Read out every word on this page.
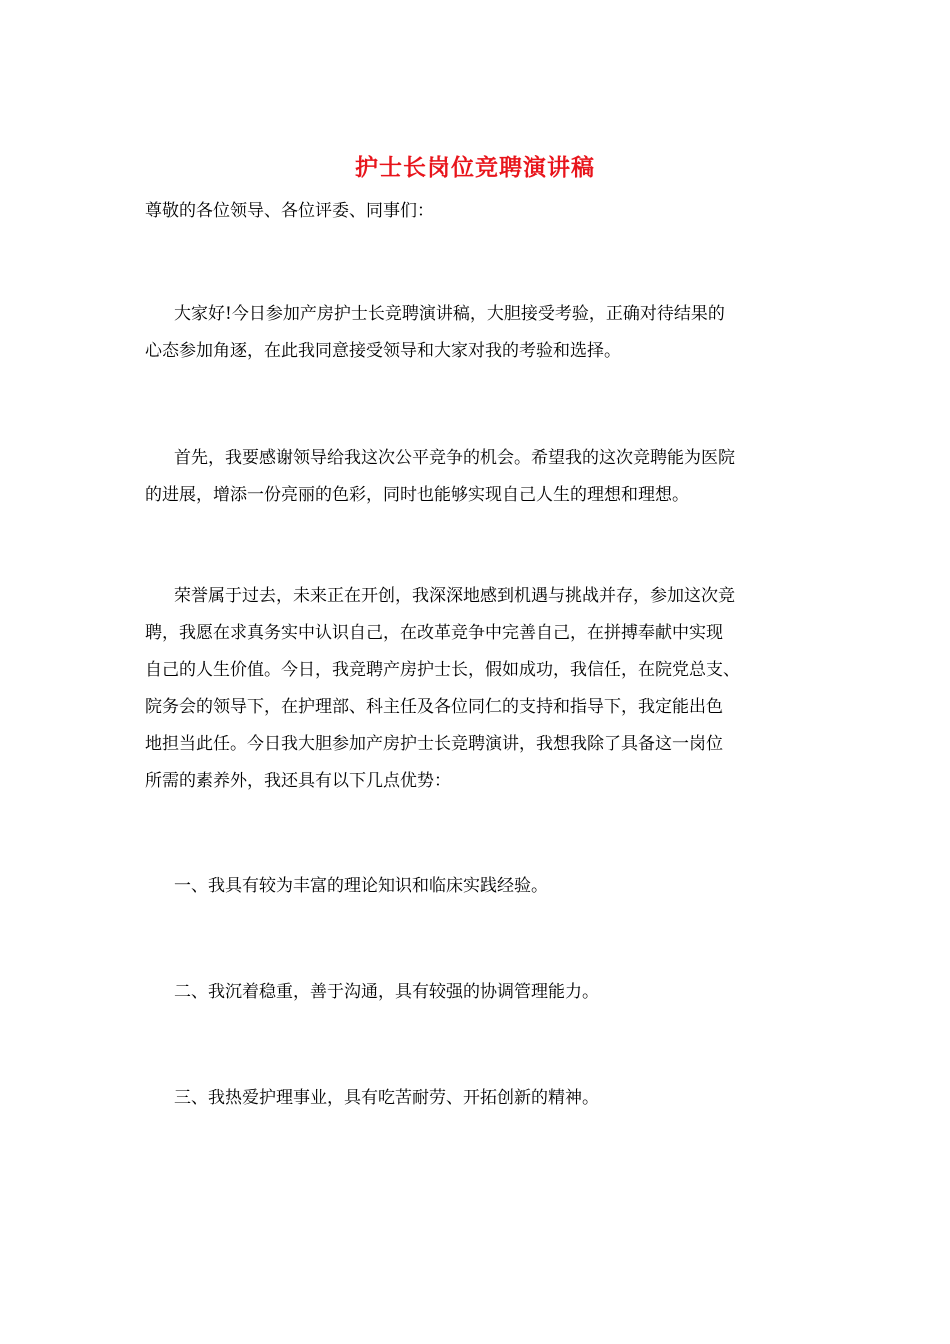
护士长岗位竞聘演讲稿
尊敬的各位领导、各位评委、同事们：
大家好!今日参加产房护士长竞聘演讲稿，大胆接受考验，正确对待结果的
心态参加角逐，在此我同意接受领导和大家对我的考验和选择。
首先，我要感谢领导给我这次公平竞争的机会。希望我的这次竞聘能为医院
的进展，增添一份亮丽的色彩，同时也能够实现自己人生的理想和理想。
荣誉属于过去，未来正在开创，我深深地感到机遇与挑战并存，参加这次竞
聘，我愿在求真务实中认识自己，在改革竞争中完善自己，在拼搏奉献中实现
自己的人生价值。今日，我竞聘产房护士长，假如成功，我信任，在院党总支、
院务会的领导下，在护理部、科主任及各位同仁的支持和指导下，我定能出色
地担当此任。今日我大胆参加产房护士长竞聘演讲，我想我除了具备这一岗位
所需的素养外，我还具有以下几点优势：
一、我具有较为丰富的理论知识和临床实践经验。
二、我沉着稳重，善于沟通，具有较强的协调管理能力。
三、我热爱护理事业，具有吃苦耐劳、开拓创新的精神。
